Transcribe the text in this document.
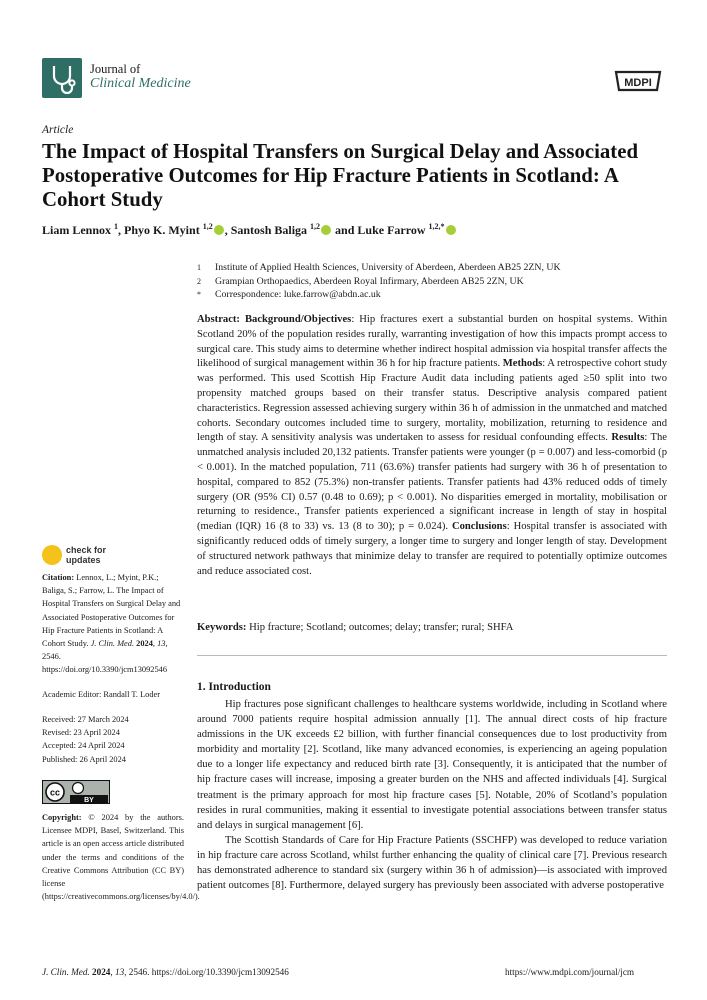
Journal of
Clinical Medicine	MDPI
Article
The Impact of Hospital Transfers on Surgical Delay and Associated Postoperative Outcomes for Hip Fracture Patients in Scotland: A Cohort Study
Liam Lennox $^1$, Phyo K. Myint $^{1,2}$ , Santosh Baliga $^{1,2}$ and Luke Farrow $^{1,2,*}$
1	Institute of Applied Health Sciences, University of Aberdeen, Aberdeen AB25 2ZN, UK
2	Grampian Orthopaedics, Aberdeen Royal Infirmary, Aberdeen AB25 2ZN, UK
*	Correspondence: luke.farrow@abdn.ac.uk
Abstract: Background/Objectives: Hip fractures exert a substantial burden on hospital systems. Within Scotland 20% of the population resides rurally, warranting investigation of how this impacts prompt access to surgical care. This study aims to determine whether indirect hospital admission via hospital transfer affects the likelihood of surgical management within 36 h for hip fracture patients. Methods: A retrospective cohort study was performed. This used Scottish Hip Fracture Audit data including patients aged ≥50 split into two propensity matched groups based on their transfer status. Descriptive analysis compared patient characteristics. Regression assessed achieving surgery within 36 h of admission in the unmatched and matched cohorts. Secondary outcomes included time to surgery, mortality, mobilization, returning to residence and length of stay. A sensitivity analysis was undertaken to assess for residual confounding effects. Results: The unmatched analysis included 20,132 patients. Transfer patients were younger (p = 0.007) and less-comorbid (p < 0.001). In the matched population, 711 (63.6%) transfer patients had surgery with 36 h of presentation to hospital, compared to 852 (75.3%) non-transfer patients. Transfer patients had 43% reduced odds of timely surgery (OR (95% CI) 0.57 (0.48 to 0.69); p < 0.001). No disparities emerged in mortality, mobilisation or returning to residence., Transfer patients experienced a significant increase in length of stay in hospital (median (IQR) 16 (8 to 33) vs. 13 (8 to 30); p = 0.024). Conclusions: Hospital transfer is associated with significantly reduced odds of timely surgery, a longer time to surgery and longer length of stay. Development of structured network pathways that minimize delay to transfer are required to potentially optimize outcomes and reduce associated cost.
Keywords: Hip fracture; Scotland; outcomes; delay; transfer; rural; SHFA
1. Introduction

Hip fractures pose significant challenges to healthcare systems worldwide, including in Scotland where around 7000 patients require hospital admission annually [1]. The annual direct costs of hip fracture admissions in the UK exceeds £2 billion, with further financial consequences due to lost productivity from morbidity and mortality [2]. Scotland, like many advanced economies, is experiencing an ageing population due to a longer life expectancy and reduced birth rate [3]. Consequently, it is anticipated that the number of hip fracture cases will increase, imposing a greater burden on the NHS and affected individuals [4]. Surgical treatment is the primary approach for most hip fracture cases [5]. Notable, 20% of Scotland’s population resides in rural communities, making it essential to investigate potential associations between transfer status and delays in surgical management [6].

The Scottish Standards of Care for Hip Fracture Patients (SSCHFP) was developed to reduce variation in hip fracture care across Scotland, whilst further enhancing the quality of clinical care [7]. Previous research has demonstrated adherence to standard six (surgery within 36 h of admission)—is associated with improved patient outcomes [8]. Furthermore, delayed surgery has previously been associated with adverse postoperative

check for
updates
Citation: Lennox, L.; Myint, P.K.; Baliga, S.; Farrow, L. The Impact of Hospital Transfers on Surgical Delay and Associated Postoperative Outcomes for Hip Fracture Patients in Scotland: A Cohort Study. J. Clin. Med. 2024, 13, 2546. https://doi.org/10.3390/jcm13092546
Academic Editor: Randall T. Loder
Received: 27 March 2024
Revised: 23 April 2024
Accepted: 24 April 2024
Published: 26 April 2024
cc
BY
Copyright: © 2024 by the authors. Licensee MDPI, Basel, Switzerland. This article is an open access article distributed under the terms and conditions of the Creative Commons Attribution (CC BY) license (https://creativecommons.org/licenses/by/4.0/).
J. Clin. Med. 2024, 13, 2546. https://doi.org/10.3390/jcm13092546	https://www.mdpi.com/journal/jcm
